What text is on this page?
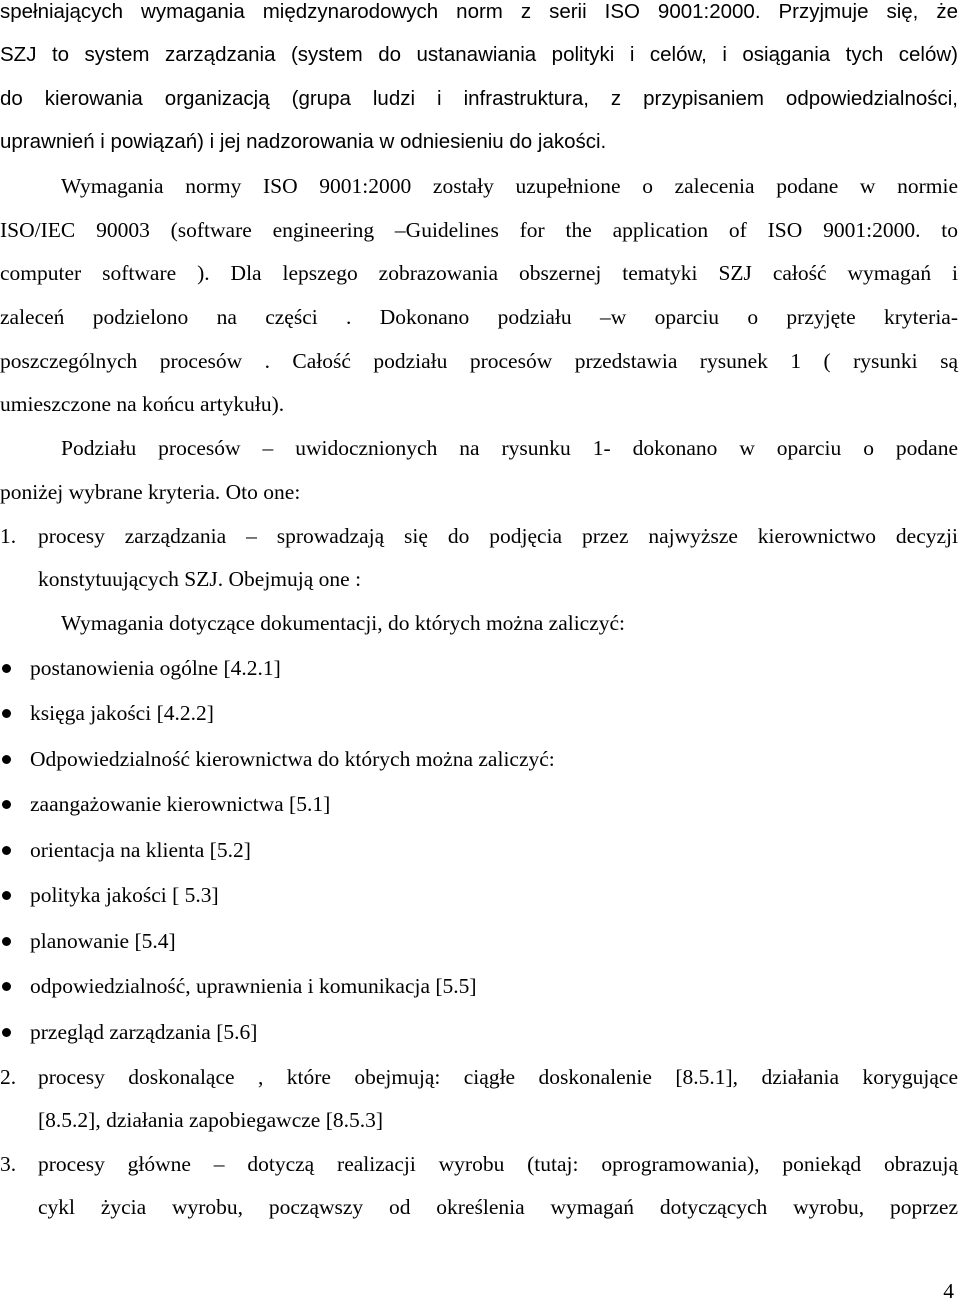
spełniających wymagania międzynarodowych norm z serii ISO 9001:2000. Przyjmuje się, że
SZJ to system zarządzania (system do ustanawiania polityki i celów, i osiągania tych celów)
do kierowania organizacją (grupa ludzi i infrastruktura, z przypisaniem odpowiedzialności,
uprawnień i powiązań) i jej nadzorowania w odniesieniu do jakości.
Wymagania normy ISO 9001:2000 zostały uzupełnione o zalecenia podane w normie
ISO/IEC 90003 (software engineering –Guidelines for the application of ISO 9001:2000. to
computer software ). Dla lepszego zobrazowania obszernej tematyki SZJ całość wymagań i
zaleceń podzielono na części . Dokonano podziału –w oparciu o przyjęte kryteria-
poszczególnych procesów . Całość podziału procesów przedstawia rysunek 1 ( rysunki są
umieszczone na końcu artykułu).
Podziału procesów – uwidocznionych na rysunku 1- dokonano w oparciu o podane
poniżej wybrane kryteria. Oto one:
1. procesy zarządzania – sprowadzają się do podjęcia przez najwyższe kierownictwo decyzji
konstytuujących SZJ. Obejmują one :
Wymagania dotyczące dokumentacji, do których można zaliczyć:
postanowienia ogólne [4.2.1]
księga jakości [4.2.2]
Odpowiedzialność kierownictwa do których można zaliczyć:
zaangażowanie kierownictwa [5.1]
orientacja na klienta [5.2]
polityka jakości [ 5.3]
planowanie [5.4]
odpowiedzialność, uprawnienia i komunikacja [5.5]
przegląd zarządzania [5.6]
2. procesy doskonalące , które obejmują: ciągłe doskonalenie [8.5.1], działania korygujące
[8.5.2], działania zapobiegawcze [8.5.3]
3. procesy główne – dotyczą realizacji wyrobu (tutaj: oprogramowania), poniekąd obrazują
cykl życia wyrobu, począwszy od określenia wymagań dotyczących wyrobu, poprzez
4
